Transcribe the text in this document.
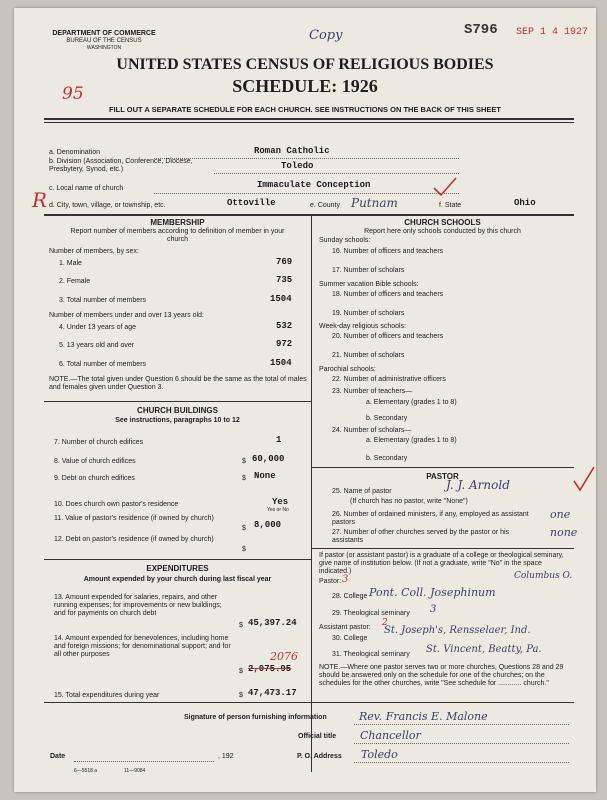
DEPARTMENT OF COMMERCE
BUREAU OF THE CENSUS
WASHINGTON
Copy	S796 SEP 1 4 1927
UNITED STATES CENSUS OF RELIGIOUS BODIES
SCHEDULE: 1926
95
FILL OUT A SEPARATE SCHEDULE FOR EACH CHURCH. SEE INSTRUCTIONS ON THE BACK OF THIS SHEET
a. Denomination	Roman Catholic
b. Division (Association, Conference, Diocese, Presbytery, Synod, etc.)	Toledo
c. Local name of church	Immaculate Conception
R d. City, town, village, or township, etc.	Ottoville	e. County Putnam	f. State	Ohio
MEMBERSHIP
Report number of members according to definition of member in your church
Number of members, by sex:
1. Male	769
2. Female	735
3. Total number of members	1504
Number of members under and over 13 years old:
4. Under 13 years of age	532
5. 13 years old and over	972
6. Total number of members	1504
NOTE.—The total given under Question 6 should be the same as the total of males and females given under Question 3.
CHURCH BUILDINGS
See instructions, paragraphs 10 to 12
7. Number of church edifices	1
8. Value of church edifices	$ 60,000
9. Debt on church edifices	$ None
10. Does church own pastor's residence	Yes
Yes or No
11. Value of pastor's residence (if owned by church)
$ 8,000
12. Debt on pastor's residence (if owned by church)
$
EXPENDITURES
Amount expended by your church during last fiscal year
13. Amount expended for salaries, repairs, and other running expenses; for improvements or new buildings; and for payments on church debt
$ 45,397.24
14. Amount expended for benevolences, including home and foreign missions; for denominational support; and for all other purposes	2076
$ 2,075.95
15. Total expenditures during year	$ 47,473.17
CHURCH SCHOOLS
Report here only schools conducted by this church
Sunday schools:
16. Number of officers and teachers
17. Number of scholars
Summer vacation Bible schools:
18. Number of officers and teachers
19. Number of scholars
Week-day religious schools:
20. Number of officers and teachers
21. Number of scholars
Parochial schools:
22. Number of administrative officers
23. Number of teachers—
a. Elementary (grades 1 to 8)
b. Secondary
24. Number of scholars—
a. Elementary (grades 1 to 8)
b. Secondary
PASTOR
25. Name of pastor	J. J. Arnold
(If church has no pastor, write "None")
26. Number of ordained ministers, if any, employed as assistant pastors
one
27. Number of other churches served by the pastor or his assistants
none
If pastor (or assistant pastor) is a graduate of a college or theological seminary, give name of institution below. (If not a graduate, write "No" in the space indicated.)
Pastor: 3	Columbus O.
28. College Pont. Coll. Josephinum
29. Theological seminary 3
Assistant pastor: 2
30. College
St. Joseph's, Rensselaer, Ind.
31. Theological seminary St. Vincent, Beatty, Pa.
NOTE.—Where one pastor serves two or more churches, Questions 28 and 29 should be answered only on the schedule for one of the churches; on the schedules for the other churches, write "See schedule for ............ church."
Signature of person furnishing information	Rev. Francis E. Malone
Official title Chancellor
Date	, 192	P. O. Address Toledo
6—5518 a	11—9084
